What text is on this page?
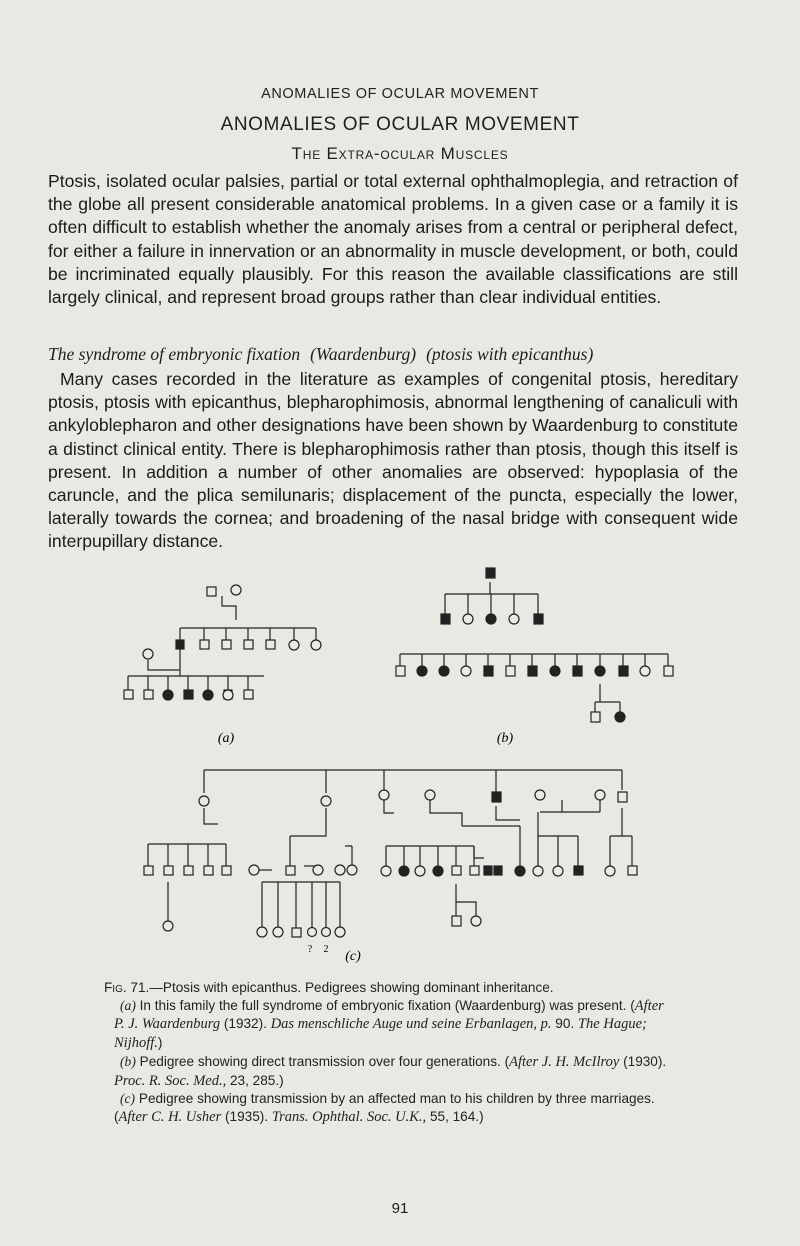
ANOMALIES OF OCULAR MOVEMENT
ANOMALIES OF OCULAR MOVEMENT
The Extra-ocular Muscles
Ptosis, isolated ocular palsies, partial or total external ophthalmoplegia, and retraction of the globe all present considerable anatomical problems. In a given case or a family it is often difficult to establish whether the anomaly arises from a central or peripheral defect, for either a failure in innervation or an abnormality in muscle development, or both, could be incriminated equally plausibly. For this reason the available classifications are still largely clinical, and represent broad groups rather than clear individual entities.
The syndrome of embryonic fixation (Waardenburg) (ptosis with epicanthus)
Many cases recorded in the literature as examples of congenital ptosis, hereditary ptosis, ptosis with epicanthus, blepharophimosis, abnormal lengthening of canaliculi with ankyloblepharon and other designations have been shown by Waardenburg to constitute a distinct clinical entity. There is blepharophimosis rather than ptosis, though this itself is present. In addition a number of other anomalies are observed: hypoplasia of the caruncle, and the plica semilunaris; displacement of the puncta, especially the lower, laterally towards the cornea; and broadening of the nasal bridge with consequent wide interpupillary distance.
(a)	(b)
(c)
? 2

Fig. 71.—Ptosis with epicanthus. Pedigrees showing dominant inheritance.

(a) In this family the full syndrome of embryonic fixation (Waardenburg) was present. (After P. J. Waardenburg (1932). Das menschliche Auge und seine Erbanlagen, p. 90. The Hague; Nijhoff.)

(b) Pedigree showing direct transmission over four generations. (After J. H. McIlroy (1930). Proc. R. Soc. Med., 23, 285.)

(c) Pedigree showing transmission by an affected man to his children by three marriages. (After C. H. Usher (1935). Trans. Ophthal. Soc. U.K., 55, 164.)

91
